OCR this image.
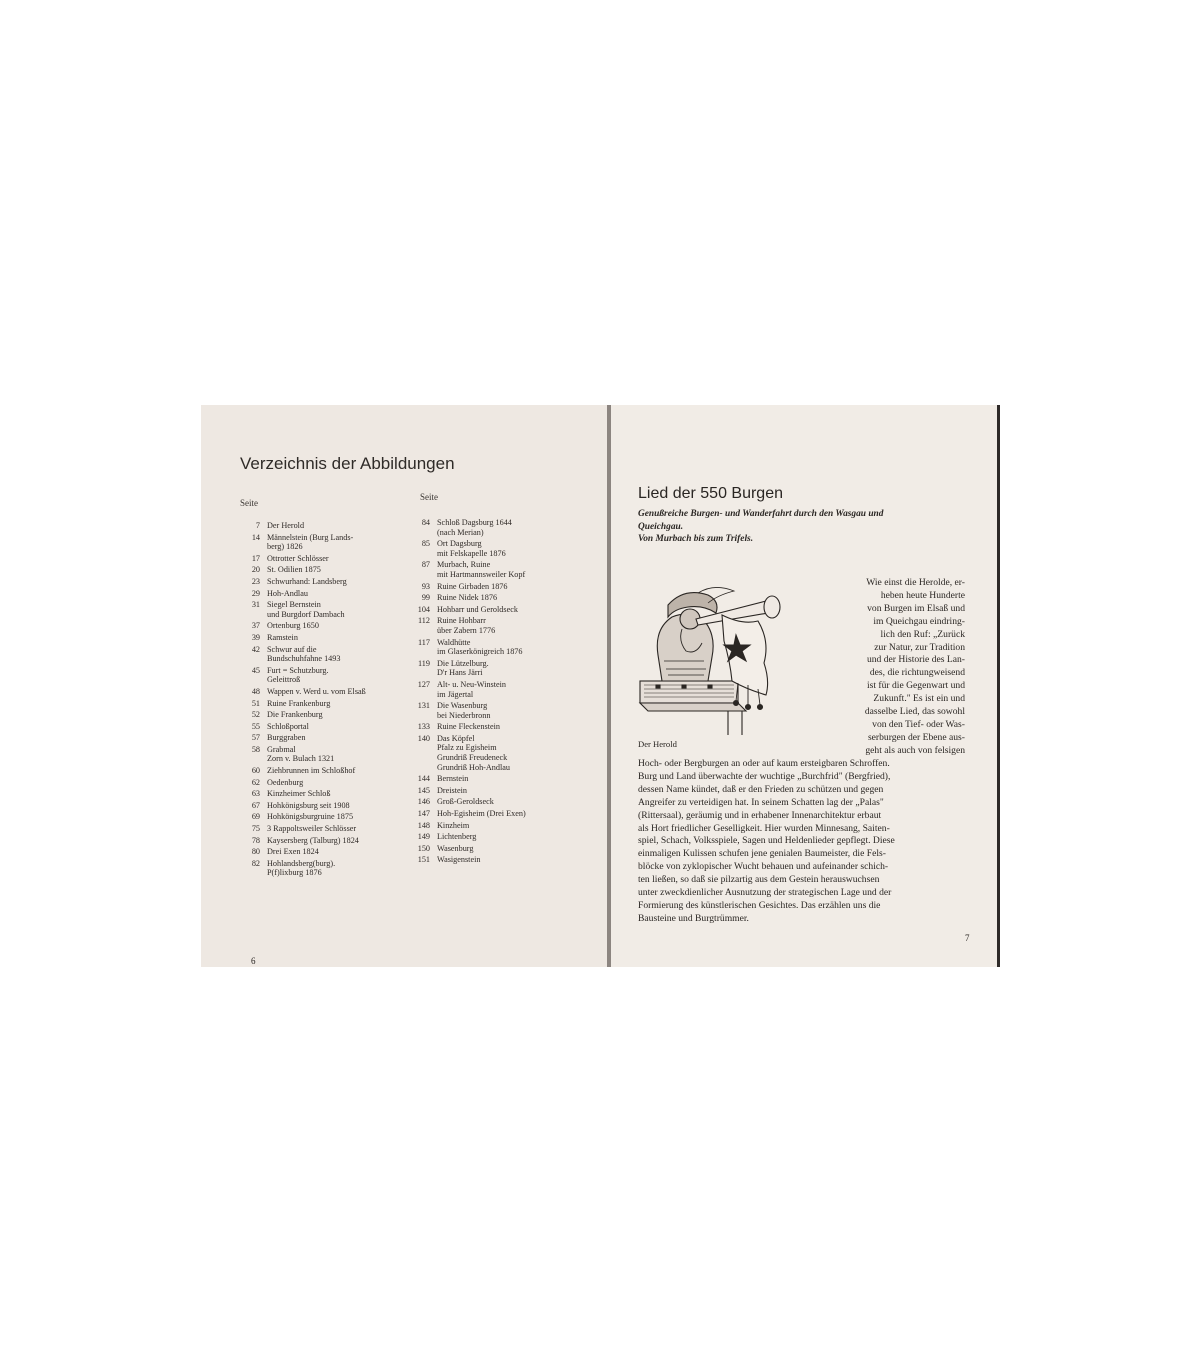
Verzeichnis der Abbildungen
Seite
Seite
7 Der Herold
14 Männelstein (Burg Lands-
berg) 1826
17 Ottrotter Schlösser
20 St. Odilien 1875
23 Schwurhand: Landsberg
29 Hoh-Andlau
31 Siegel Bernstein
und Burgdorf Dambach
37 Ortenburg 1650
39 Ramstein
42 Schwur auf die
Bundschuhfahne 1493
45 Furt = Schutzburg.
Geleittroß
48 Wappen v. Werd u. vom Elsaß
51 Ruine Frankenburg
52 Die Frankenburg
55 Schloßportal
57 Burggraben
58 Grabmal
Zorn v. Bulach 1321
60 Ziehbrunnen im Schloßhof
62 Oedenburg
63 Kinzheimer Schloß
67 Hohkönigsburg seit 1908
69 Hohkönigsburgruine 1875
75 3 Rappoltsweiler Schlösser
78 Kaysersberg (Talburg) 1824
80 Drei Exen 1824
82 Hohlandsberg(burg).
P(f)lixburg 1876
84 Schloß Dagsburg 1644
(nach Merian)
85 Ort Dagsburg
mit Felskapelle 1876
87 Murbach, Ruine
mit Hartmannsweiler Kopf
93 Ruine Girbaden 1876
99 Ruine Nidek 1876
104 Hohbarr und Geroldseck
112 Ruine Hohbarr
über Zabern 1776
117 Waldhütte
im Glaserkönigreich 1876
119 Die Lützelburg.
D'r Hans Järri
127 Alt- u. Neu-Winstein
im Jägertal
131 Die Wasenburg
bei Niederbronn
133 Ruine Fleckenstein
140 Das Köpfel
Pfalz zu Egisheim
Grundriß Freudeneck
Grundriß Hoh-Andlau
144 Bernstein
145 Dreistein
146 Groß-Geroldseck
147 Hoh-Egisheim (Drei Exen)
148 Kinzheim
149 Lichtenberg
150 Wasenburg
151 Wasigenstein
6
Lied der 550 Burgen
Genußreiche Burgen- und Wanderfahrt durch den Wasgau und
Queichgau.
Von Murbach bis zum Trifels.
Der Herold
Wie einst die Herolde, er-
heben heute Hunderte
von Burgen im Elsaß und
im Queichgau eindring-
lich den Ruf: „Zurück
zur Natur, zur Tradition
und der Historie des Lan-
des, die richtungweisend
ist für die Gegenwart und
Zukunft." Es ist ein und
dasselbe Lied, das sowohl
von den Tief- oder Was-
serburgen der Ebene aus-
geht als auch von felsigen
Hoch- oder Bergburgen an oder auf kaum ersteigbaren Schroffen.
Burg und Land überwachte der wuchtige „Burchfrid" (Bergfried),
dessen Name kündet, daß er den Frieden zu schützen und gegen
Angreifer zu verteidigen hat. In seinem Schatten lag der „Palas"
(Rittersaal), geräumig und in erhabener Innenarchitektur erbaut
als Hort friedlicher Geselligkeit. Hier wurden Minnesang, Saiten-
spiel, Schach, Volksspiele, Sagen und Heldenlieder gepflegt. Diese
einmaligen Kulissen schufen jene genialen Baumeister, die Fels-
blöcke von zyklopischer Wucht behauen und aufeinander schich-
ten ließen, so daß sie pilzartig aus dem Gestein herauswuchsen
unter zweckdienlicher Ausnutzung der strategischen Lage und der
Formierung des künstlerischen Gesichtes. Das erzählen uns die
Bausteine und Burgtrümmer.
7
